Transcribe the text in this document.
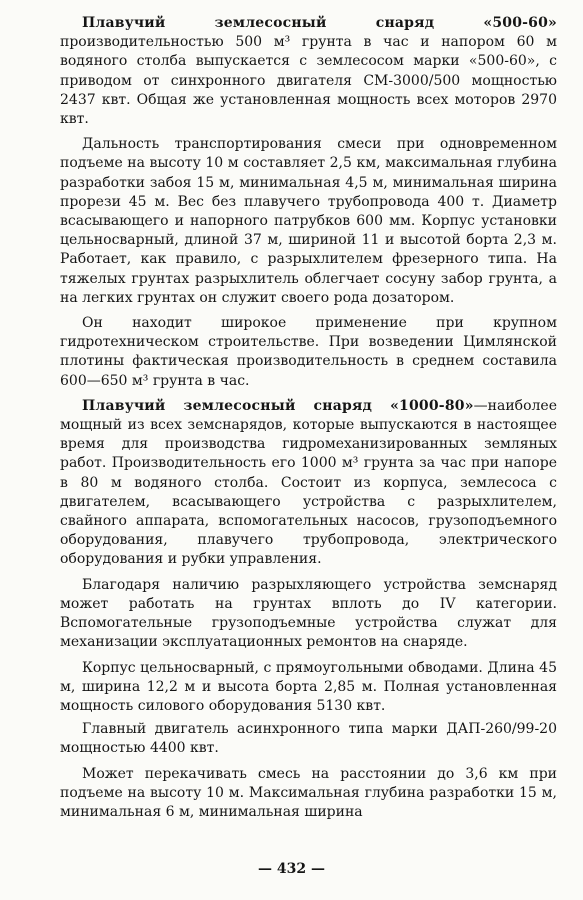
Плавучий землесосный снаряд «500-60» производительностью 500 м³ грунта в час и напором 60 м водяного столба выпускается с землесосом марки «500-60», с приводом от синхронного двигателя СМ-3000/500 мощностью 2437 квт. Общая же установленная мощность всех моторов 2970 квт.

Дальность транспортирования смеси при одновременном подъеме на высоту 10 м составляет 2,5 км, максимальная глубина разработки забоя 15 м, минимальная 4,5 м, минимальная ширина прорези 45 м. Вес без плавучего трубопровода 400 т. Диаметр всасывающего и напорного патрубков 600 мм. Корпус установки цельносварный, длиной 37 м, шириной 11 и высотой борта 2,3 м. Работает, как правило, с разрыхлителем фрезерного типа. На тяжелых грунтах разрыхлитель облегчает сосуну забор грунта, а на легких грунтах он служит своего рода дозатором.

Он находит широкое применение при крупном гидротехническом строительстве. При возведении Цимлянской плотины фактическая производительность в среднем составила 600—650 м³ грунта в час.

Плавучий землесосный снаряд «1000-80»—наиболее мощный из всех земснарядов, которые выпускаются в настоящее время для производства гидромеханизированных земляных работ. Производительность его 1000 м³ грунта за час при напоре в 80 м водяного столба. Состоит из корпуса, землесоса с двигателем, всасывающего устройства с разрыхлителем, свайного аппарата, вспомогательных насосов, грузоподъемного оборудования, плавучего трубопровода, электрического оборудования и рубки управления.

Благодаря наличию разрыхляющего устройства земснаряд может работать на грунтах вплоть до IV категории. Вспомогательные грузоподъемные устройства служат для механизации эксплуатационных ремонтов на снаряде.

Корпус цельносварный, с прямоугольными обводами. Длина 45 м, ширина 12,2 м и высота борта 2,85 м. Полная установленная мощность силового оборудования 5130 квт.

Главный двигатель асинхронного типа марки ДАП-260/99-20 мощностью 4400 квт.

Может перекачивать смесь на расстоянии до 3,6 км при подъеме на высоту 10 м. Максимальная глубина разработки 15 м, минимальная 6 м, минимальная ширина

— 432 —
